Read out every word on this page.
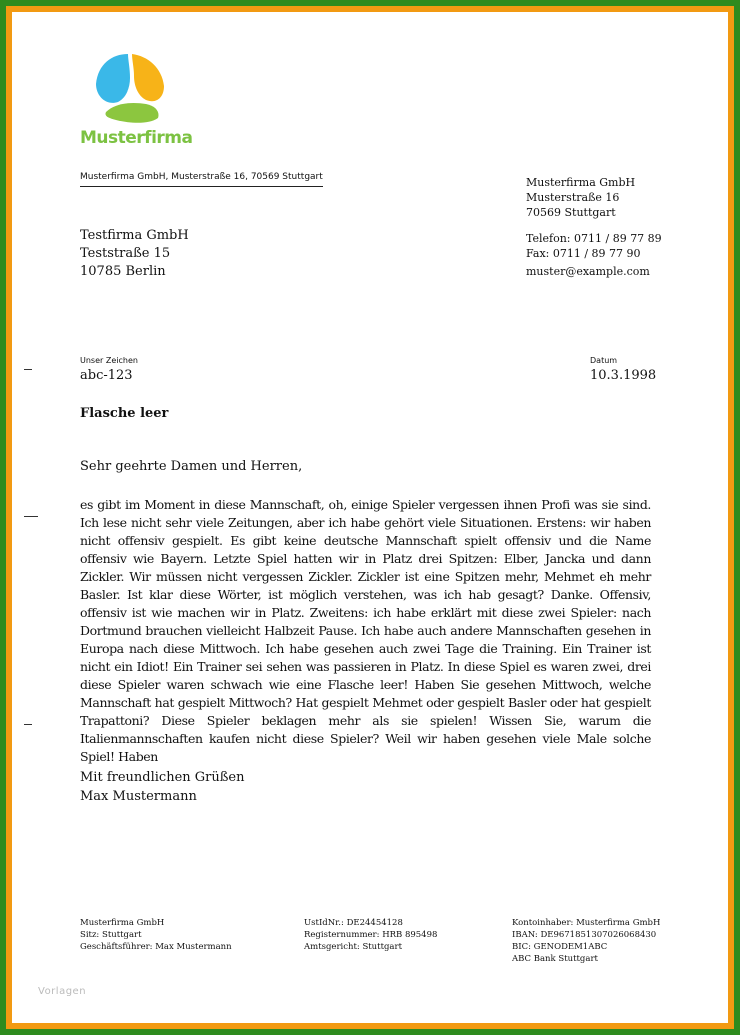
Musterfirma
Musterfirma GmbH, Musterstraße 16, 70569 Stuttgart	Musterfirma GmbH
Musterstraße 16
70569 Stuttgart
Telefon: 0711 / 89 77 89
Fax: 0711 / 89 77 90
muster@example.com
Testfirma GmbH
Teststraße 15
10785 Berlin
Unser Zeichen
abc-123
Datum
10.3.1998
Flasche leer
Sehr geehrte Damen und Herren,

es gibt im Moment in diese Mannschaft, oh, einige Spieler vergessen ihnen Profi was sie sind. Ich lese nicht sehr viele Zeitungen, aber ich habe gehört viele Situationen. Erstens: wir haben nicht offensiv gespielt. Es gibt keine deutsche Mannschaft spielt offensiv und die Name offensiv wie Bayern. Letzte Spiel hatten wir in Platz drei Spitzen: Elber, Jancka und dann Zickler. Wir müssen nicht vergessen Zickler. Zickler ist eine Spitzen mehr, Mehmet eh mehr Basler. Ist klar diese Wörter, ist möglich verstehen, was ich hab gesagt? Danke. Offensiv, offensiv ist wie machen wir in Platz. Zweitens: ich habe erklärt mit diese zwei Spieler: nach Dortmund brauchen vielleicht Halbzeit Pause. Ich habe auch andere Mannschaften gesehen in Europa nach diese Mittwoch. Ich habe gesehen auch zwei Tage die Training. Ein Trainer ist nicht ein Idiot! Ein Trainer sei sehen was passieren in Platz. In diese Spiel es waren zwei, drei diese Spieler waren schwach wie eine Flasche leer! Haben Sie gesehen Mittwoch, welche Mannschaft hat gespielt Mittwoch? Hat gespielt Mehmet oder gespielt Basler oder hat gespielt Trapattoni? Diese Spieler beklagen mehr als sie spielen! Wissen Sie, warum die Italienmannschaften kaufen nicht diese Spieler? Weil wir haben gesehen viele Male solche Spiel! Haben

Mit freundlichen Grüßen
Max Mustermann
Musterfirma GmbH
Sitz: Stuttgart
Geschäftsführer: Max Mustermann
UstIdNr.: DE24454128
Registernummer: HRB 895498
Amtsgericht: Stuttgart
Kontoinhaber: Musterfirma GmbH
IBAN: DE96718513070260684​30
BIC: GENODEM1ABC
ABC Bank Stuttgart
Vorlagen
